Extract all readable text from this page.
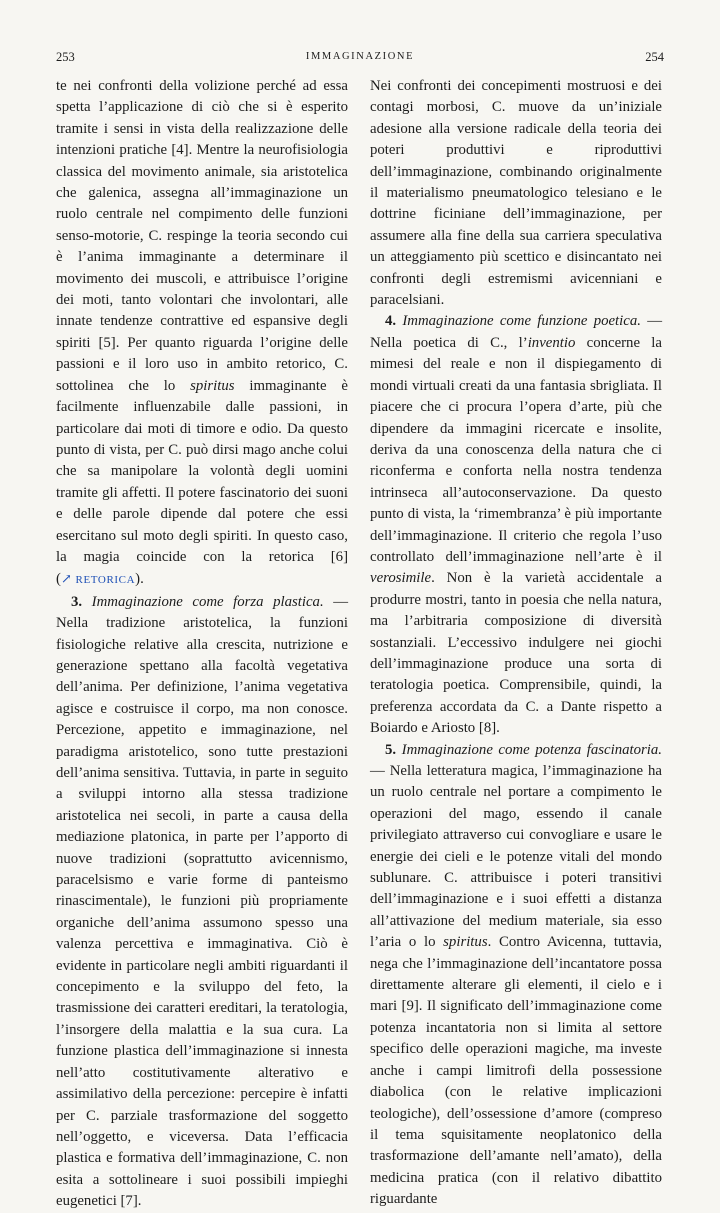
253	IMMAGINAZIONE	254

te nei confronti della volizione perché ad essa spetta l’applicazione di ciò che si è esperito tramite i sensi in vista della realizzazione delle intenzioni pratiche [4]. Mentre la neurofisiologia classica del movimento animale, sia aristotelica che galenica, assegna all’immaginazione un ruolo centrale nel compimento delle funzioni senso-motorie, C. respinge la teoria secondo cui è l’anima immaginante a determinare il movimento dei muscoli, e attribuisce l’origine dei moti, tanto volontari che involontari, alle innate tendenze contrattive ed espansive degli spiriti [5]. Per quanto riguarda l’origine delle passioni e il loro uso in ambito retorico, C. sottolinea che lo spiritus immaginante è facilmente influenzabile dalle passioni, in particolare dai moti di timore e odio. Da questo punto di vista, per C. può dirsi mago anche colui che sa manipolare la volontà degli uomini tramite gli affetti. Il potere fascinatorio dei suoni e delle parole dipende dal potere che essi esercitano sul moto degli spiriti. In questo caso, la magia coincide con la retorica [6] (↗ RETORICA).

3. Immaginazione come forza plastica. — Nella tradizione aristotelica, la funzioni fisiologiche relative alla crescita, nutrizione e generazione spettano alla facoltà vegetativa dell’anima. Per definizione, l’anima vegetativa agisce e costruisce il corpo, ma non conosce. Percezione, appetito e immaginazione, nel paradigma aristotelico, sono tutte prestazioni dell’anima sensitiva. Tuttavia, in parte in seguito a sviluppi intorno alla stessa tradizione aristotelica nei secoli, in parte a causa della mediazione platonica, in parte per l’apporto di nuove tradizioni (soprattutto avicennismo, paracelsismo e varie forme di panteismo rinascimentale), le funzioni più propriamente organiche dell’anima assumono spesso una valenza percettiva e immaginativa. Ciò è evidente in particolare negli ambiti riguardanti il concepimento e la sviluppo del feto, la trasmissione dei caratteri ereditari, la teratologia, l’insorgere della malattia e la sua cura. La funzione plastica dell’immaginazione si innesta nell’atto costitutivamente alterativo e assimilativo della percezione: percepire è infatti per C. parziale trasformazione del soggetto nell’oggetto, e viceversa. Data l’efficacia plastica e formativa dell’immaginazione, C. non esita a sottolineare i suoi possibili impieghi eugenetici [7].

Nei confronti dei concepimenti mostruosi e dei contagi morbosi, C. muove da un’iniziale adesione alla versione radicale della teoria dei poteri produttivi e riproduttivi dell’immaginazione, combinando originalmente il materialismo pneumatologico telesiano e le dottrine ficiniane dell’immaginazione, per assumere alla fine della sua carriera speculativa un atteggiamento più scettico e disincantato nei confronti degli estremismi avicenniani e paracelsiani.

4. Immaginazione come funzione poetica. — Nella poetica di C., l’inventio concerne la mimesi del reale e non il dispiegamento di mondi virtuali creati da una fantasia sbrigliata. Il piacere che ci procura l’opera d’arte, più che dipendere da immagini ricercate e insolite, deriva da una conoscenza della natura che ci riconferma e conforta nella nostra tendenza intrinseca all’autoconservazione. Da questo punto di vista, la ‘rimembranza’ è più importante dell’immaginazione. Il criterio che regola l’uso controllato dell’immaginazione nell’arte è il verosimile. Non è la varietà accidentale a produrre mostri, tanto in poesia che nella natura, ma l’arbitraria composizione di diversità sostanziali. L’eccessivo indulgere nei giochi dell’immaginazione produce una sorta di teratologia poetica. Comprensibile, quindi, la preferenza accordata da C. a Dante rispetto a Boiardo e Ariosto [8].

5. Immaginazione come potenza fascinatoria. — Nella letteratura magica, l’immaginazione ha un ruolo centrale nel portare a compimento le operazioni del mago, essendo il canale privilegiato attraverso cui convogliare e usare le energie dei cieli e le potenze vitali del mondo sublunare. C. attribuisce i poteri transitivi dell’immaginazione e i suoi effetti a distanza all’attivazione del medium materiale, sia esso l’aria o lo spiritus. Contro Avicenna, tuttavia, nega che l’immaginazione dell’incantatore possa direttamente alterare gli elementi, il cielo e i mari [9]. Il significato dell’immaginazione come potenza incantatoria non si limita al settore specifico delle operazioni magiche, ma investe anche i campi limitrofi della possessione diabolica (con le relative implicazioni teologiche), dell’ossessione d’amore (compreso il tema squisitamente neoplatonico della trasformazione dell’amante nell’amato), della medicina pratica (con il relativo dibattito riguardante
